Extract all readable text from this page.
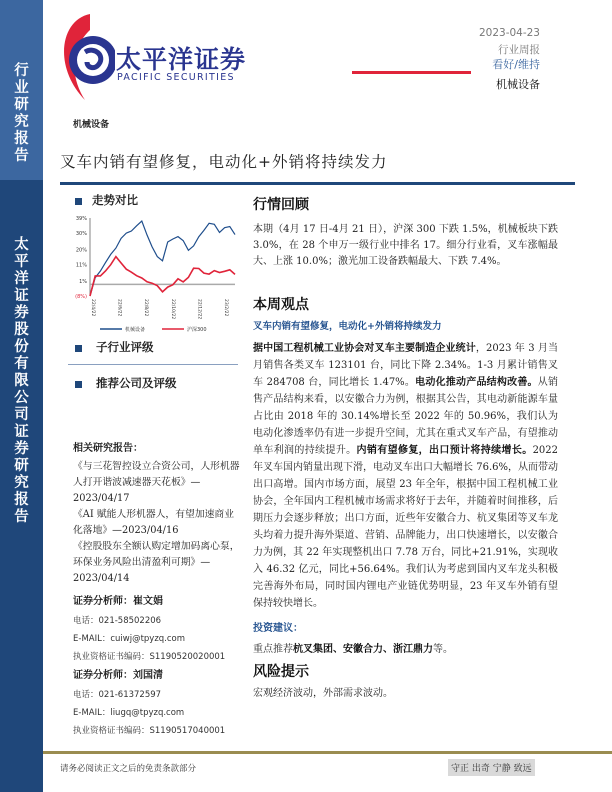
行业研究报告
太平洋证券股份有限公司证券研究报告
太平洋证券
PACIFIC SECURITIES
2023-04-23
行业周报
看好/维持
机械设备
机械设备
叉车内销有望修复，电动化+外销将持续发力
走势对比
39%
30%
20%
11%
1%
(8%)
22/4/22	22/6/22	22/8/22	22/10/22	22/12/22	23/2/22
机械设备	沪深300
子行业评级
推荐公司及评级
相关研究报告：
《与三花智控设立合资公司，人形机器人打开谐波减速器天花板》—2023/04/17
《AI 赋能人形机器人，有望加速商业化落地》—2023/04/16
《控股股东全额认购定增加码离心泵，环保业务风险出清盈利可期》—2023/04/14
证券分析师：崔文娟
电话：021-58502206
E-MAIL：cuiwj@tpyzq.com
执业资格证书编码：S1190520020001
证券分析师：刘国清
电话：021-61372597
E-MAIL：liugq@tpyzq.com
执业资格证书编码：S1190517040001
行情回顾
本期（4月 17 日-4月 21 日），沪深 300 下跌 1.5%，机械板块下跌 3.0%，在 28 个申万一级行业中排名 17。细分行业看，叉车涨幅最大、上涨 10.0%；激光加工设备跌幅最大、下跌 7.4%。
本周观点
叉车内销有望修复，电动化+外销将持续发力
据中国工程机械工业协会对叉车主要制造企业统计，2023 年 3 月当月销售各类叉车 123101 台，同比下降 2.34%。1-3 月累计销售叉车 284708 台，同比增长 1.47%。电动化推动产品结构改善。从销售产品结构来看，以安徽合力为例，根据其公告，其电动新能源车量占比由 2018 年的 30.14%增长至 2022 年的 50.96%，我们认为电动化渗透率仍有进一步提升空间，尤其在重式叉车产品，有望推动单车利润的持续提升。内销有望修复，出口预计将持续增长。2022 年叉车国内销量出现下滑，电动叉车出口大幅增长 76.6%，从而带动出口高增。国内市场方面，展望 23 年全年，根据中国工程机械工业协会，全年国内工程机械市场需求将好于去年，并随着时间推移，后期压力会逐步释放；出口方面，近些年安徽合力、杭叉集团等叉车龙头均着力提升海外渠道、营销、品牌能力，出口快速增长，以安徽合力为例，其 22 年实现整机出口 7.78 万台，同比+21.91%，实现收入 46.32 亿元，同比+56.64%。我们认为考虑到国内叉车龙头积极完善海外布局，同时国内锂电产业链优势明显，23 年叉车外销有望保持较快增长。
投资建议：
重点推荐杭叉集团、安徽合力、浙江鼎力等。
风险提示
宏观经济波动，外部需求波动。
请务必阅读正文之后的免责条款部分	守正 出奇 宁静 致远
